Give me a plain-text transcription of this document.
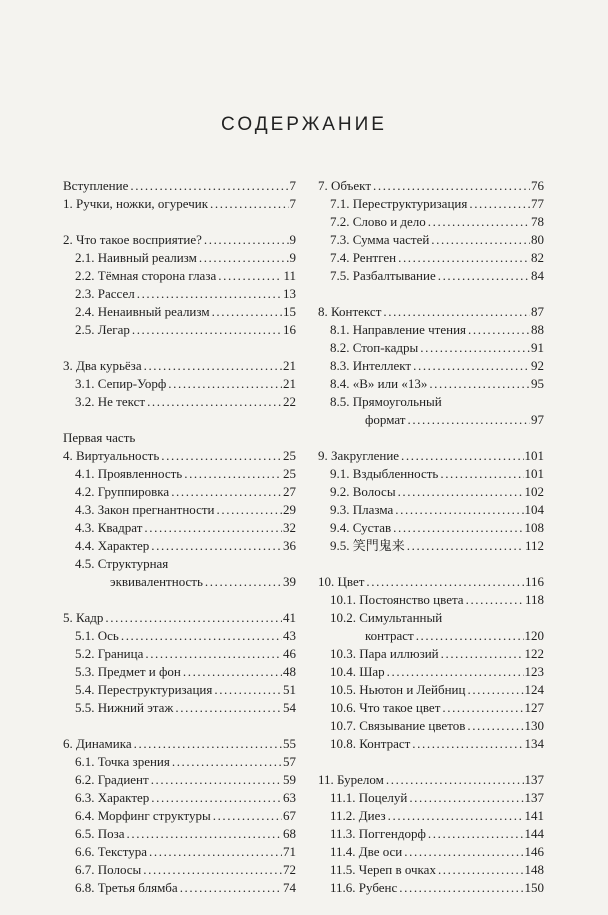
СОДЕРЖАНИЕ
Вступление .....	7
1. Ручки, ножки, огуречик .....	7
2. Что такое восприятие? .....	9
2.1. Наивный реализм .....	9
2.2. Тёмная сторона глаза .....	11
2.3. Рассел .....	13
2.4. Ненаивный реализм .....	15
2.5. Легар .....	16
3. Два курьёза .....	21
3.1. Сепир-Уорф .....	21
3.2. Не текст .....	22
Первая часть
4. Виртуальность .....	25
4.1. Проявленность .....	25
4.2. Группировка .....	27
4.3. Закон прегнантности .....	29
4.3. Квадрат .....	32
4.4. Характер .....	36
4.5. Структурная
эквивалентность .....	39
5. Кадр .....	41
5.1. Ось .....	43
5.2. Граница .....	46
5.3. Предмет и фон .....	48
5.4. Переструктуризация .....	51
5.5. Нижний этаж .....	54
6. Динамика .....	55
6.1. Точка зрения .....	57
6.2. Градиент .....	59
6.3. Характер .....	63
6.4. Морфинг структуры .....	67
6.5. Поза .....	68
6.6. Текстура .....	71
6.7. Полосы .....	72
6.8. Третья блямба .....	74
7. Объект .....	76
7.1. Переструктуризация .....	77
7.2. Слово и дело .....	78
7.3. Сумма частей .....	80
7.4. Рентген .....	82
7.5. Разбалтывание .....	84
8. Контекст .....	87
8.1. Направление чтения .....	88
8.2. Стоп-кадры .....	91
8.3. Интеллект .....	92
8.4. «B» или «13» .....	95
8.5. Прямоугольный
формат .....	97
9. Закругление .....	101
9.1. Вздыбленность .....	101
9.2. Волосы .....	102
9.3. Плазма .....	104
9.4. Сустав .....	108
9.5. 笑門鬼来 .....	112
10. Цвет .....	116
10.1. Постоянство цвета .....	118
10.2. Симультанный
контраст .....	120
10.3. Пара иллюзий .....	122
10.4. Шар .....	123
10.5. Ньютон и Лейбниц .....	124
10.6. Что такое цвет .....	127
10.7. Связывание цветов .....	130
10.8. Контраст .....	134
11. Бурелом .....	137
11.1. Поцелуй .....	137
11.2. Диез .....	141
11.3. Поггендорф .....	144
11.4. Две оси .....	146
11.5. Череп в очках .....	148
11.6. Рубенс .....	150
